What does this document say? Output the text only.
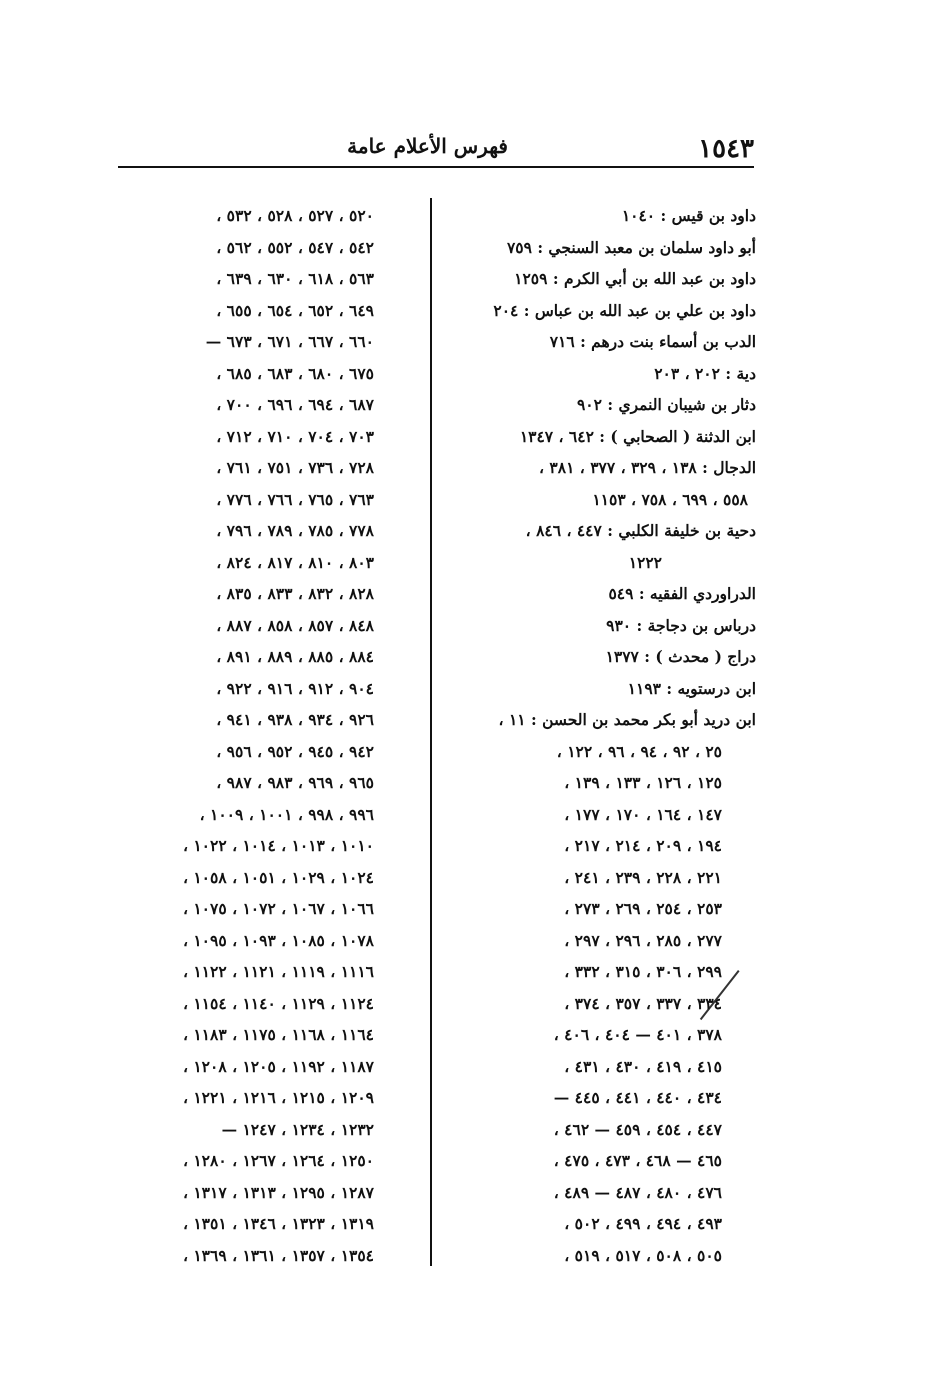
١٥٤٣
فهرس الأعلام عامة
داود بن قيس : ١٠٤٠
أبو داود سلمان بن معبد السنجي : ٧٥٩
داود بن عبد الله بن أبي الكرم : ١٢٥٩
داود بن علي بن عبد الله بن عباس : ٢٠٤
الدب بن أسماء بنت درهم : ٧١٦
دية : ٢٠٢ ، ٢٠٣
دثار بن شيبان النمري : ٩٠٢
ابن الدثنة ( الصحابي ) : ٦٤٢ ، ١٣٤٧
الدجال : ١٣٨ ، ٣٢٩ ، ٣٧٧ ، ٣٨١ ،
٥٥٨ ، ٦٩٩ ، ٧٥٨ ، ١١٥٣
دحية بن خليفة الكلبي : ٤٤٧ ، ٨٤٦ ،
١٢٢٢
الدراوردي الفقيه : ٥٤٩
درباس بن دجاجة : ٩٣٠
دراج ( محدث ) : ١٣٧٧
ابن درستويه : ١١٩٣
ابن دريد أبو بكر محمد بن الحسن : ١١ ،
٢٥ ، ٩٢ ، ٩٤ ، ٩٦ ، ١٢٢ ،
١٢٥ ، ١٢٦ ، ١٣٣ ، ١٣٩ ،
١٤٧ ، ١٦٤ ، ١٧٠ ، ١٧٧ ،
١٩٤ ، ٢٠٩ ، ٢١٤ ، ٢١٧ ،
٢٢١ ، ٢٢٨ ، ٢٣٩ ، ٢٤١ ،
٢٥٣ ، ٢٥٤ ، ٢٦٩ ، ٢٧٣ ،
٢٧٧ ، ٢٨٥ ، ٢٩٦ ، ٢٩٧ ،
٢٩٩ ، ٣٠٦ ، ٣١٥ ، ٣٣٢ ،
٣٣٤ ، ٣٣٧ ، ٣٥٧ ، ٣٧٤ ،
٣٧٨ ، ٤٠١ — ٤٠٤ ، ٤٠٦ ،
٤١٥ ، ٤١٩ ، ٤٣٠ ، ٤٣١ ،
٤٣٤ ، ٤٤٠ ، ٤٤١ ، ٤٤٥ —
٤٤٧ ، ٤٥٤ ، ٤٥٩ — ٤٦٢ ،
٤٦٥ — ٤٦٨ ، ٤٧٣ ، ٤٧٥ ،
٤٧٦ ، ٤٨٠ ، ٤٨٧ — ٤٨٩ ،
٤٩٣ ، ٤٩٤ ، ٤٩٩ ، ٥٠٢ ،
٥٠٥ ، ٥٠٨ ، ٥١٧ ، ٥١٩ ،
٥٢٠ ، ٥٢٧ ، ٥٢٨ ، ٥٣٢ ،
٥٤٢ ، ٥٤٧ ، ٥٥٢ ، ٥٦٢ ،
٥٦٣ ، ٦١٨ ، ٦٣٠ ، ٦٣٩ ،
٦٤٩ ، ٦٥٢ ، ٦٥٤ ، ٦٥٥ ،
٦٦٠ ، ٦٦٧ ، ٦٧١ ، ٦٧٣ —
٦٧٥ ، ٦٨٠ ، ٦٨٣ ، ٦٨٥ ،
٦٨٧ ، ٦٩٤ ، ٦٩٦ ، ٧٠٠ ،
٧٠٣ ، ٧٠٤ ، ٧١٠ ، ٧١٢ ،
٧٢٨ ، ٧٣٦ ، ٧٥١ ، ٧٦١ ،
٧٦٣ ، ٧٦٥ ، ٧٦٦ ، ٧٧٦ ،
٧٧٨ ، ٧٨٥ ، ٧٨٩ ، ٧٩٦ ،
٨٠٣ ، ٨١٠ ، ٨١٧ ، ٨٢٤ ،
٨٢٨ ، ٨٣٢ ، ٨٣٣ ، ٨٣٥ ،
٨٤٨ ، ٨٥٧ ، ٨٥٨ ، ٨٨٧ ،
٨٨٤ ، ٨٨٥ ، ٨٨٩ ، ٨٩١ ،
٩٠٤ ، ٩١٢ ، ٩١٦ ، ٩٢٢ ،
٩٢٦ ، ٩٣٤ ، ٩٣٨ ، ٩٤١ ،
٩٤٢ ، ٩٤٥ ، ٩٥٢ ، ٩٥٦ ،
٩٦٥ ، ٩٦٩ ، ٩٨٣ ، ٩٨٧ ،
٩٩٦ ، ٩٩٨ ، ١٠٠١ ، ١٠٠٩ ،
١٠١٠ ، ١٠١٣ ، ١٠١٤ ، ١٠٢٢ ،
١٠٢٤ ، ١٠٢٩ ، ١٠٥١ ، ١٠٥٨ ،
١٠٦٦ ، ١٠٦٧ ، ١٠٧٢ ، ١٠٧٥ ،
١٠٧٨ ، ١٠٨٥ ، ١٠٩٣ ، ١٠٩٥ ،
١١١٦ ، ١١١٩ ، ١١٢١ ، ١١٢٢ ،
١١٢٤ ، ١١٢٩ ، ١١٤٠ ، ١١٥٤ ،
١١٦٤ ، ١١٦٨ ، ١١٧٥ ، ١١٨٣ ،
١١٨٧ ، ١١٩٢ ، ١٢٠٥ ، ١٢٠٨ ،
١٢٠٩ ، ١٢١٥ ، ١٢١٦ ، ١٢٢١ ،
١٢٣٢ ، ١٢٣٤ ، ١٢٤٧ —
١٢٥٠ ، ١٢٦٤ ، ١٢٦٧ ، ١٢٨٠ ،
١٢٨٧ ، ١٢٩٥ ، ١٣١٣ ، ١٣١٧ ،
١٣١٩ ، ١٣٢٣ ، ١٣٤٦ ، ١٣٥١ ،
١٣٥٤ ، ١٣٥٧ ، ١٣٦١ ، ١٣٦٩ ،
